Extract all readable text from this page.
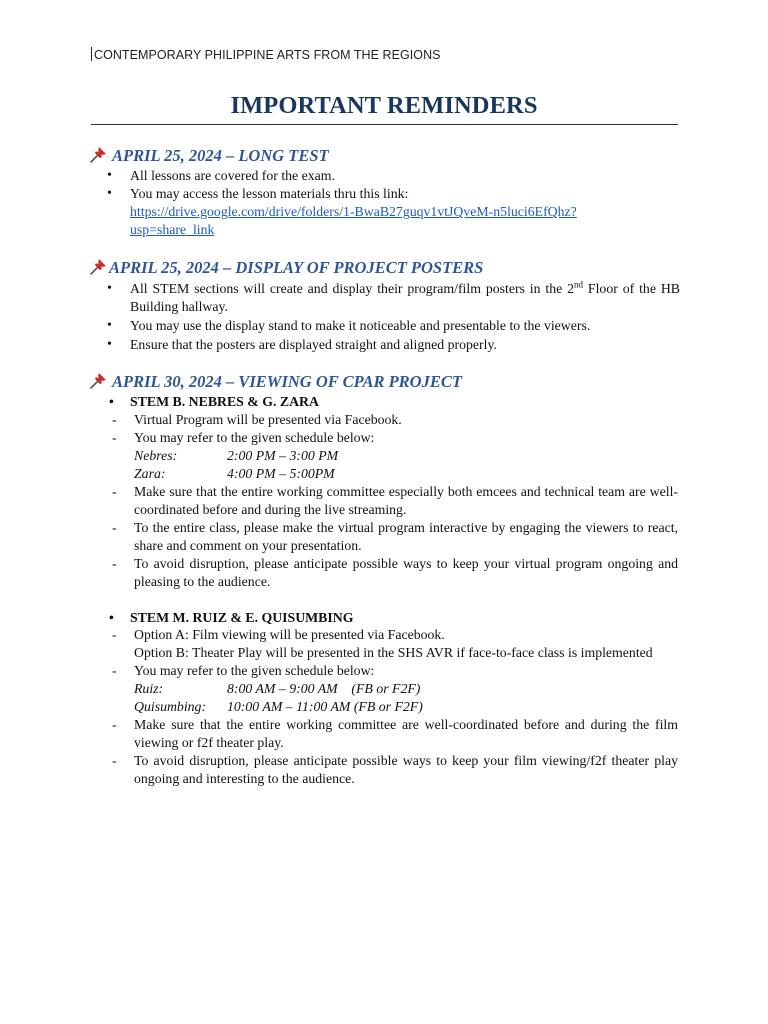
CONTEMPORARY PHILIPPINE ARTS FROM THE REGIONS
IMPORTANT REMINDERS
APRIL 25, 2024 – LONG TEST
• All lessons are covered for the exam.
• You may access the lesson materials thru this link:
https://drive.google.com/drive/folders/1-BwaB27guqv1vtJQveM-n5luci6EfQhz?
usp=share_link
APRIL 25, 2024 – DISPLAY OF PROJECT POSTERS
• All STEM sections will create and display their program/film posters in the 2nd Floor of the HB Building hallway.
• You may use the display stand to make it noticeable and presentable to the viewers.
• Ensure that the posters are displayed straight and aligned properly.
APRIL 30, 2024 – VIEWING OF CPAR PROJECT
• STEM B. NEBRES & G. ZARA
- Virtual Program will be presented via Facebook.
- You may refer to the given schedule below:
Nebres:	2:00 PM – 3:00 PM
Zara:	4:00 PM – 5:00PM
- Make sure that the entire working committee especially both emcees and technical team are well-coordinated before and during the live streaming.
- To the entire class, please make the virtual program interactive by engaging the viewers to react, share and comment on your presentation.
- To avoid disruption, please anticipate possible ways to keep your virtual program ongoing and pleasing to the audience.
• STEM M. RUIZ & E. QUISUMBING
- Option A: Film viewing will be presented via Facebook.
Option B: Theater Play will be presented in the SHS AVR if face-to-face class is implemented
- You may refer to the given schedule below:
Ruiz:	8:00 AM – 9:00 AM    (FB or F2F)
Quisumbing:	10:00 AM – 11:00 AM (FB or F2F)
- Make sure that the entire working committee are well-coordinated before and during the film viewing or f2f theater play.
- To avoid disruption, please anticipate possible ways to keep your film viewing/f2f theater play ongoing and interesting to the audience.
